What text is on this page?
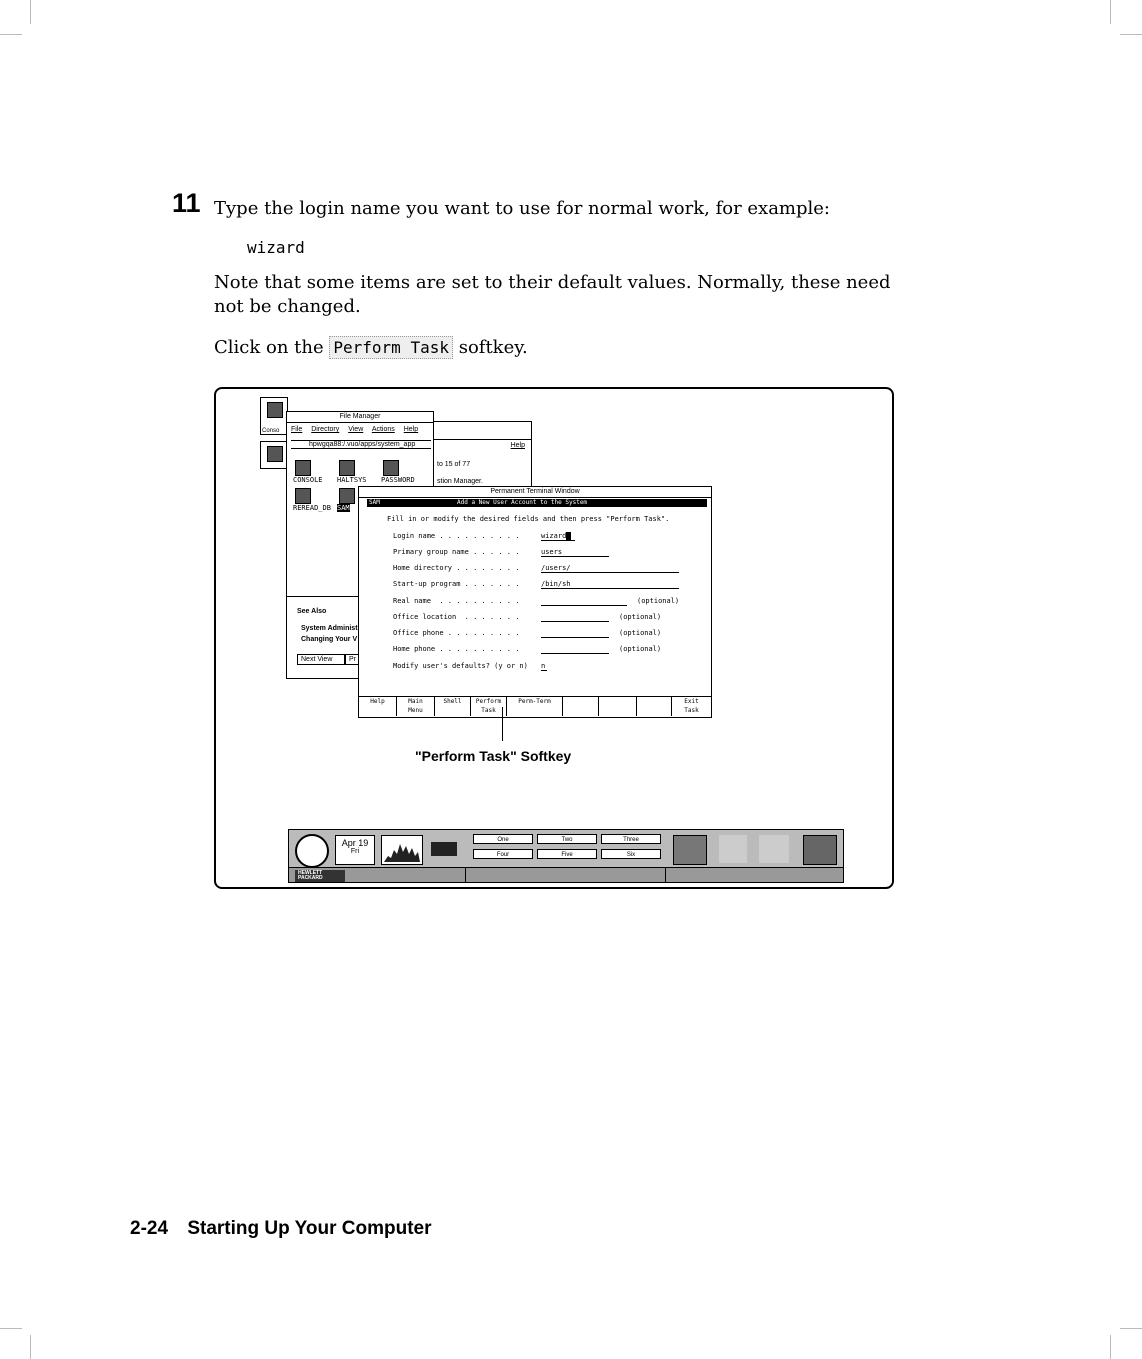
11 Type the login name you want to use for normal work, for example:
wizard
Note that some items are set to their default values. Normally, these need not be changed.
Click on the Perform Task softkey.
Conso
Help
to 15 of 77
stion Manager.
See Also
System Administ
Changing Your V
Next View	Pr
File Manager
File Directory View Actions Help
hpwgqa88:/.vuo/apps/system_app
CONSOLE HALTSYS PASSWORD
REREAD_DB SAM
Permanent Terminal Window
SAM	Add a New User Account to the System
Fill in or modify the desired fields and then press "Perform Task".
Login name . . . . . . . . . .	wizard
Primary group name . . . . . .	users
Home directory . . . . . . . .	/users/
Start-up program . . . . . . .	/bin/sh
Real name  . . . . . . . . . .	(optional)
Office location  . . . . . . .	(optional)
Office phone . . . . . . . . .	(optional)
Home phone . . . . . . . . . .	(optional)
Modify user's defaults? (y or n) n
Help	Main
Menu
Shell	Perform
Task
Perm-Term	Exit
Task
"Perform Task" Softkey
Apr 19
Fri
One	Two	Three
Four	Five	Six
HEWLETT PACKARD
2-24 Starting Up Your Computer
